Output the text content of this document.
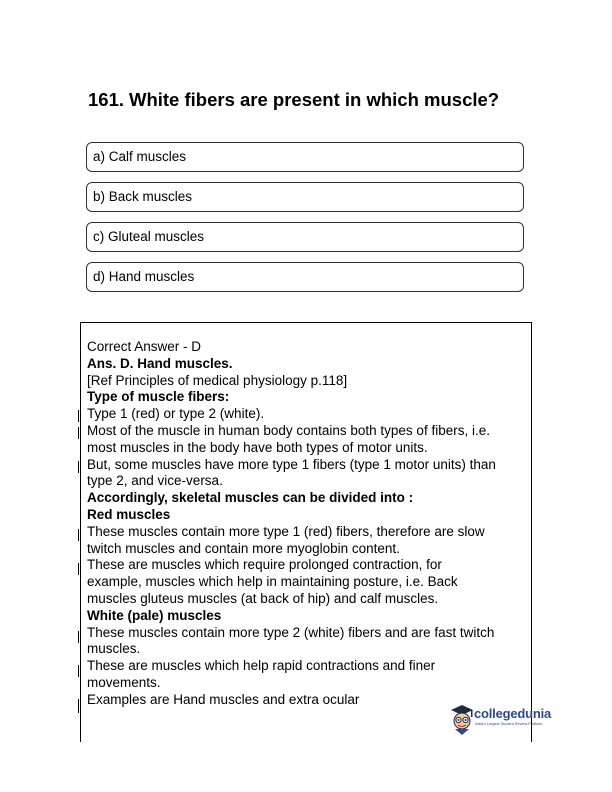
161. White fibers are present in which muscle?
a) Calf muscles
b) Back muscles
c) Gluteal muscles
d) Hand muscles
Correct Answer - D
Ans. D. Hand muscles.
[Ref Principles of medical physiology p.118]
Type of muscle fibers:
Type 1 (red) or type 2 (white).
Most of the muscle in human body contains both types of fibers, i.e.
most muscles in the body have both types of motor units.
But, some muscles have more type 1 fibers (type 1 motor units) than
type 2, and vice-versa.
Accordingly, skeletal muscles can be divided into :
Red muscles
These muscles contain more type 1 (red) fibers, therefore are slow
twitch muscles and contain more myoglobin content.
These are muscles which require prolonged contraction, for
example, muscles which help in maintaining posture, i.e. Back
muscles gluteus muscles (at back of hip) and calf muscles.
White (pale) muscles
These muscles contain more type 2 (white) fibers and are fast twitch
muscles.
These are muscles which help rapid contractions and finer
movements.
Examples are Hand muscles and extra ocular
collegedunia
India's Largest Student Review Platform
